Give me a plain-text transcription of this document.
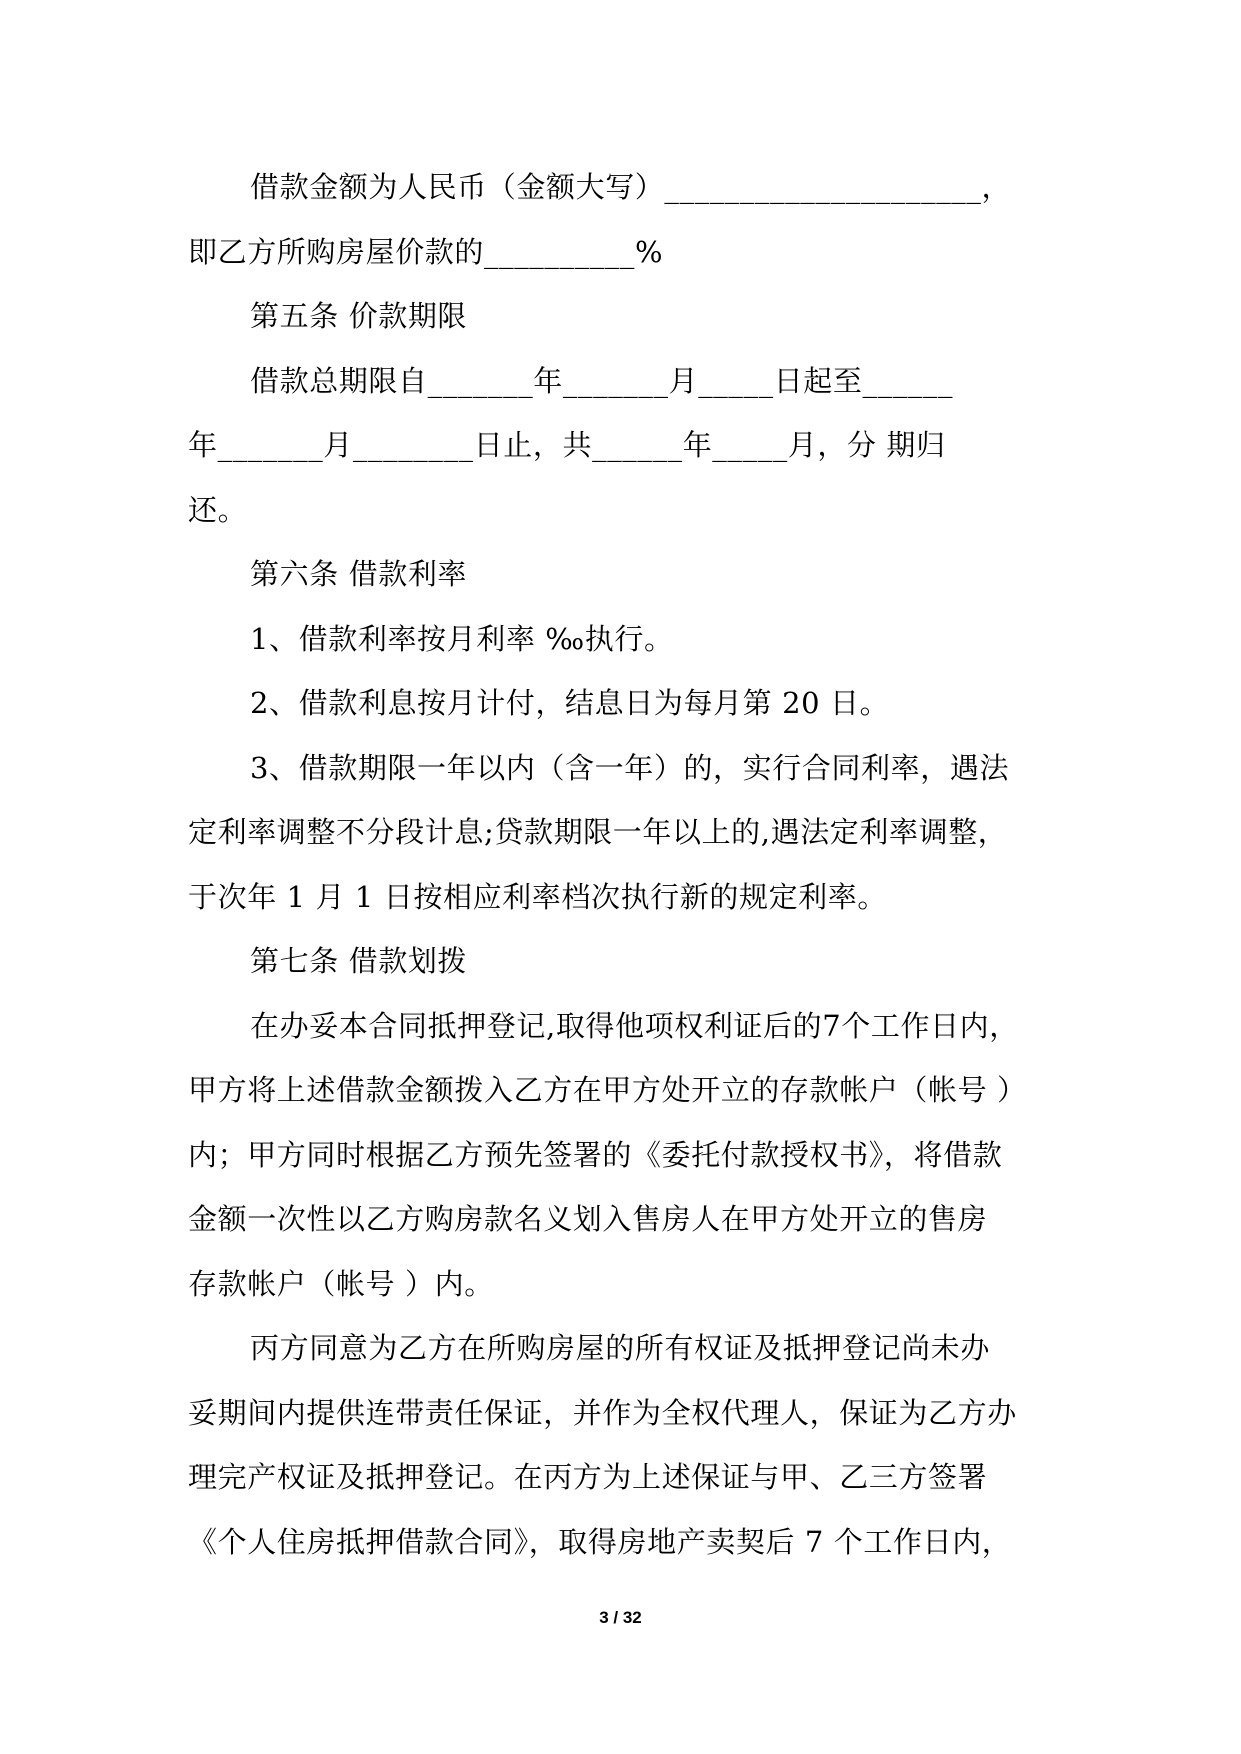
借款金额为人民币（金额大写）_____________________，
即乙方所购房屋价款的__________%
第五条 价款期限
借款总期限自_______年_______月_____日起至______
年_______月________日止，共______年_____月，分 期归
还。
第六条 借款利率
1、借款利率按月利率 ‰执行。
2、借款利息按月计付，结息日为每月第 20 日。
3、借款期限一年以内（含一年）的，实行合同利率，遇法
定利率调整不分段计息;贷款期限一年以上的,遇法定利率调整，
于次年 1 月 1 日按相应利率档次执行新的规定利率。
第七条 借款划拨
在办妥本合同抵押登记,取得他项权利证后的7个工作日内，
甲方将上述借款金额拨入乙方在甲方处开立的存款帐户（帐号 ）
内；甲方同时根据乙方预先签署的《委托付款授权书》，将借款
金额一次性以乙方购房款名义划入售房人在甲方处开立的售房
存款帐户（帐号 ）内。
丙方同意为乙方在所购房屋的所有权证及抵押登记尚未办
妥期间内提供连带责任保证，并作为全权代理人，保证为乙方办
理完产权证及抵押登记。在丙方为上述保证与甲、乙三方签署
《个人住房抵押借款合同》，取得房地产卖契后 7 个工作日内，
3 / 32
